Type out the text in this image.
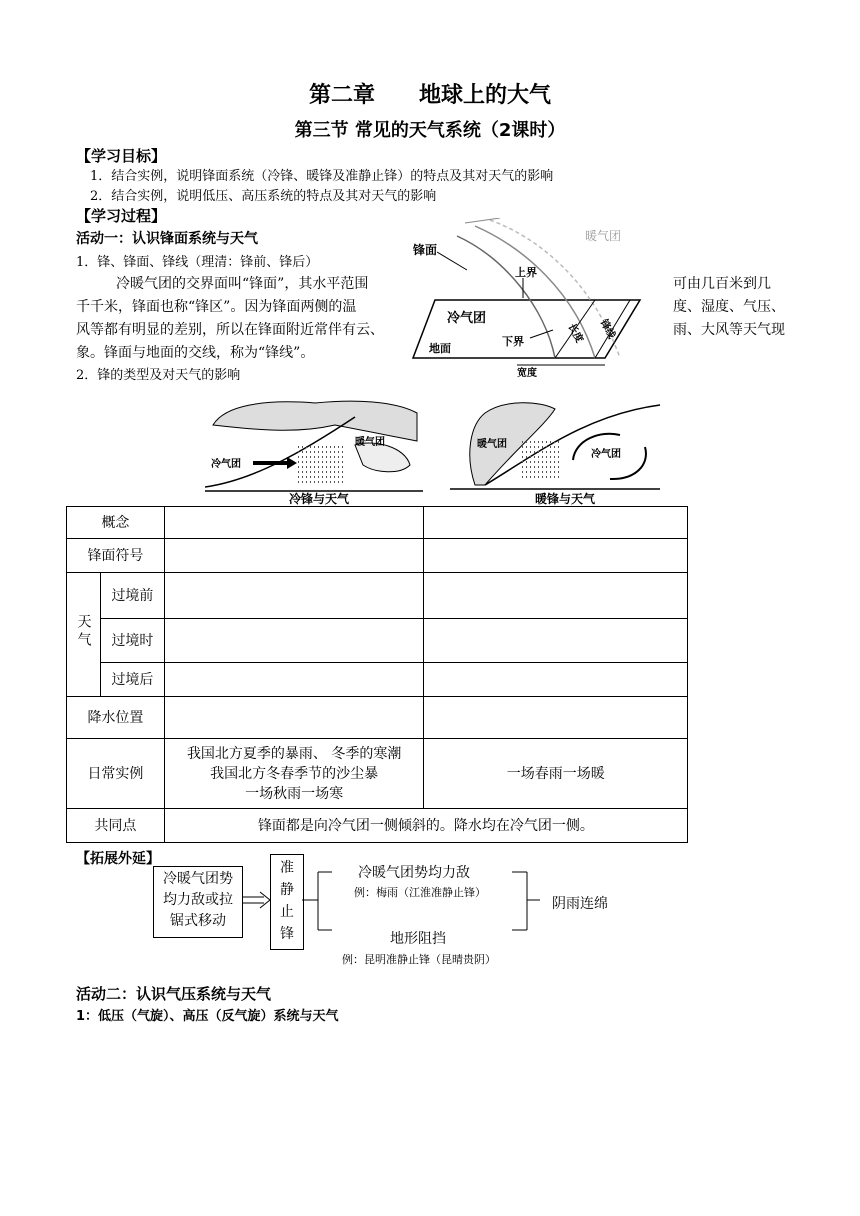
第二章 地球上的大气
第三节 常见的天气系统（2课时）
【学习目标】
1．结合实例，说明锋面系统（冷锋、暖锋及准静止锋）的特点及其对天气的影响
2．结合实例，说明低压、高压系统的特点及其对天气的影响
【学习过程】
活动一：认识锋面系统与天气
1．锋、锋面、锋线（理清：锋前、锋后）
冷暖气团的交界面叫“锋面”，其水平范围
千千米，锋面也称“锋区”。因为锋面两侧的温
风等都有明显的差别，所以在锋面附近常伴有云、
象。锋面与地面的交线，称为“锋线”。
可由几百米到几
度、湿度、气压、
雨、大风等天气现
2．锋的类型及对天气的影响
暖气团
锋面
上界
冷气团
下界
地面
宽度
长度 锋线
冷气团
暖气团
冷锋与天气
冷气团
暖气团
暖锋与天气
概念			
锋面符号			
天气	过境前		
	过境时		
	过境后		
降水位置			
日常实例		我国北方夏季的暴雨、 冬季的寒潮
我国北方冬春季节的沙尘暴
一场秋雨一场寒	一场春雨一场暖
共同点		锋面都是向冷气团一侧倾斜的。降水均在冷气团一侧。	
【拓展外延】
冷暖气团势
均力敌或拉
锯式移动
准
静
止
锋
冷暖气团势均力敌
例：梅雨（江淮准静止锋）
地形阻挡
例：昆明准静止锋（昆晴贵阴）
阴雨连绵
活动二：认识气压系统与天气
1：低压（气旋）、高压（反气旋）系统与天气
